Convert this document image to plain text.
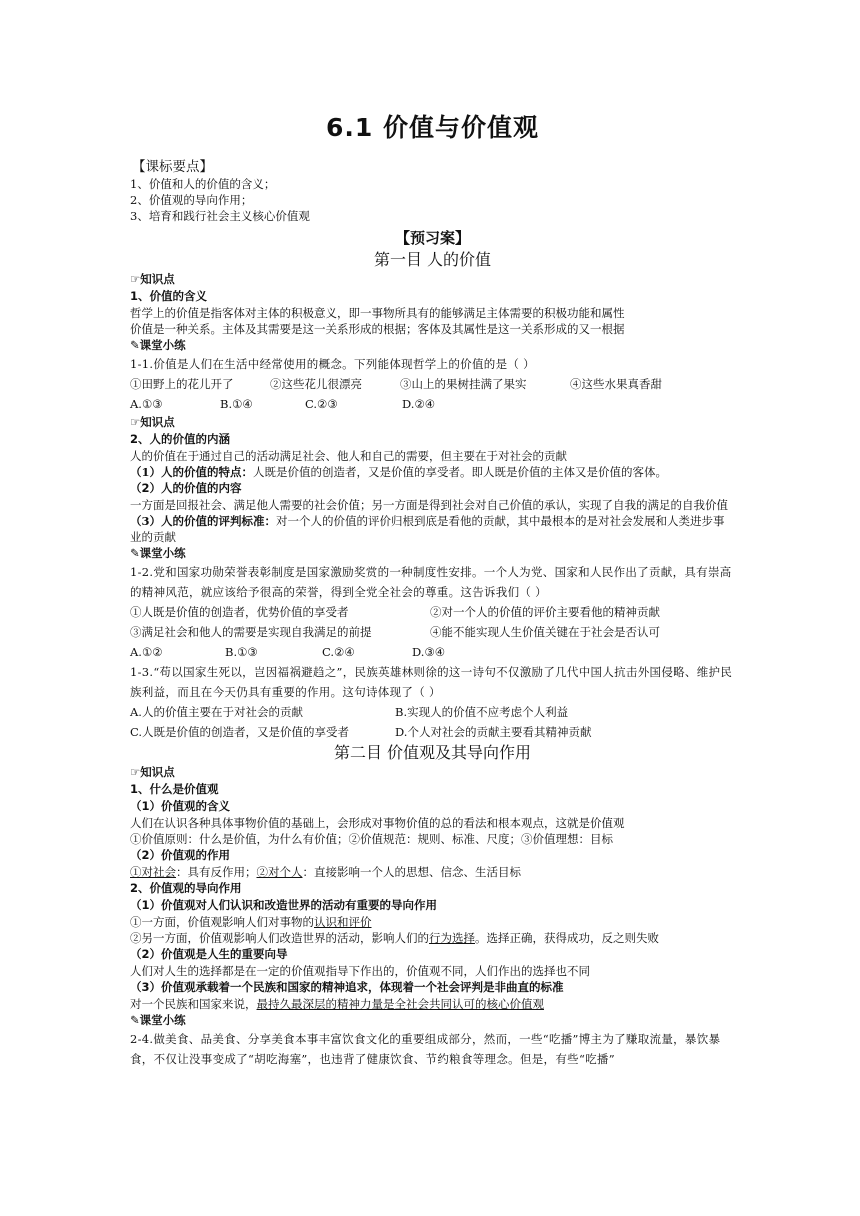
6.1 价值与价值观
【课标要点】
1、价值和人的价值的含义；
2、价值观的导向作用；
3、培育和践行社会主义核心价值观
【预习案】
第一目 人的价值
☞知识点
1、价值的含义
哲学上的价值是指客体对主体的积极意义，即一事物所具有的能够满足主体需要的积极功能和属性
价值是一种关系。主体及其需要是这一关系形成的根据；客体及其属性是这一关系形成的又一根据
✎课堂小练
1-1.价值是人们在生活中经常使用的概念。下列能体现哲学上的价值的是（ ）
①田野上的花儿开了	②这些花儿很漂亮	③山上的果树挂满了果实	④这些水果真香甜
A.①③	B.①④	C.②③	D.②④
☞知识点
2、人的价值的内涵
人的价值在于通过自己的活动满足社会、他人和自己的需要，但主要在于对社会的贡献
（1）人的价值的特点：人既是价值的创造者，又是价值的享受者。即人既是价值的主体又是价值的客体。
（2）人的价值的内容
一方面是回报社会、满足他人需要的社会价值；另一方面是得到社会对自己价值的承认，实现了自我的满足的自我价值
（3）人的价值的评判标准：对一个人的价值的评价归根到底是看他的贡献，其中最根本的是对社会发展和人类进步事业的贡献
✎课堂小练
1-2.党和国家功勋荣誉表彰制度是国家激励奖赏的一种制度性安排。一个人为党、国家和人民作出了贡献，具有崇高的精神风范，就应该给予很高的荣誉，得到全党全社会的尊重。这告诉我们（ ）
①人既是价值的创造者，优势价值的享受者	②对一个人的价值的评价主要看他的精神贡献
③满足社会和他人的需要是实现自我满足的前提	④能不能实现人生价值关键在于社会是否认可
A.①②	B.①③	C.②④	D.③④
1-3.“苟以国家生死以，岂因福祸避趋之”，民族英雄林则徐的这一诗句不仅激励了几代中国人抗击外国侵略、维护民族利益，而且在今天仍具有重要的作用。这句诗体现了（ ）
A.人的价值主要在于对社会的贡献	B.实现人的价值不应考虑个人利益
C.人既是价值的创造者，又是价值的享受者	D.个人对社会的贡献主要看其精神贡献
第二目 价值观及其导向作用
☞知识点
1、什么是价值观
（1）价值观的含义
人们在认识各种具体事物价值的基础上，会形成对事物价值的总的看法和根本观点，这就是价值观
①价值原则：什么是价值，为什么有价值；②价值规范：规则、标准、尺度；③价值理想：目标
（2）价值观的作用
①对社会：具有反作用；②对个人：直接影响一个人的思想、信念、生活目标
2、价值观的导向作用
（1）价值观对人们认识和改造世界的活动有重要的导向作用
①一方面，价值观影响人们对事物的认识和评价
②另一方面，价值观影响人们改造世界的活动，影响人们的行为选择。选择正确，获得成功，反之则失败
（2）价值观是人生的重要向导
人们对人生的选择都是在一定的价值观指导下作出的，价值观不同，人们作出的选择也不同
（3）价值观承载着一个民族和国家的精神追求，体现着一个社会评判是非曲直的标准
对一个民族和国家来说，最持久最深层的精神力量是全社会共同认可的核心价值观
✎课堂小练
2-4.做美食、品美食、分享美食本事丰富饮食文化的重要组成部分，然而，一些“吃播”博主为了赚取流量，暴饮暴食，不仅让没事变成了“胡吃海塞”，也违背了健康饮食、节约粮食等理念。但是，有些“吃播”
